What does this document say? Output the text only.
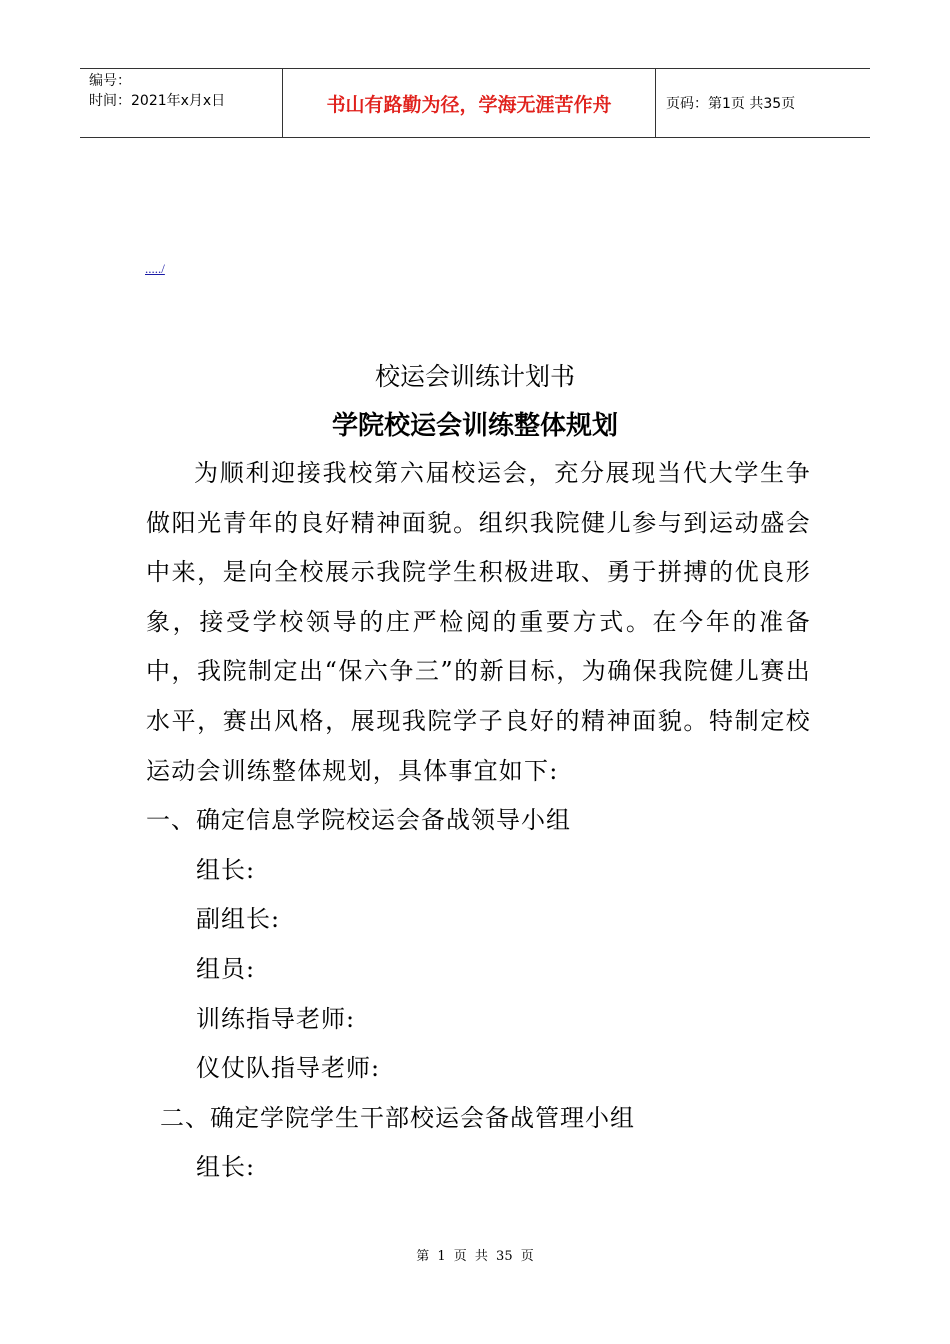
编号：
时间：2021年x月x日	书山有路勤为径，学海无涯苦作舟	页码：第1页 共35页
...../
校运会训练计划书
学院校运会训练整体规划

为顺利迎接我校第六届校运会，充分展现当代大学生争做阳光青年的良好精神面貌。组织我院健儿参与到运动盛会中来，是向全校展示我院学生积极进取、勇于拼搏的优良形象，接受学校领导的庄严检阅的重要方式。在今年的准备中，我院制定出“保六争三”的新目标，为确保我院健儿赛出水平，赛出风格，展现我院学子良好的精神面貌。特制定校运动会训练整体规划，具体事宜如下:

一、确定信息学院校运会备战领导小组

组长:

副组长:

组员:

训练指导老师:

仪仗队指导老师:

二、确定学院学生干部校运会备战管理小组

组长:

第 1 页 共 35 页
